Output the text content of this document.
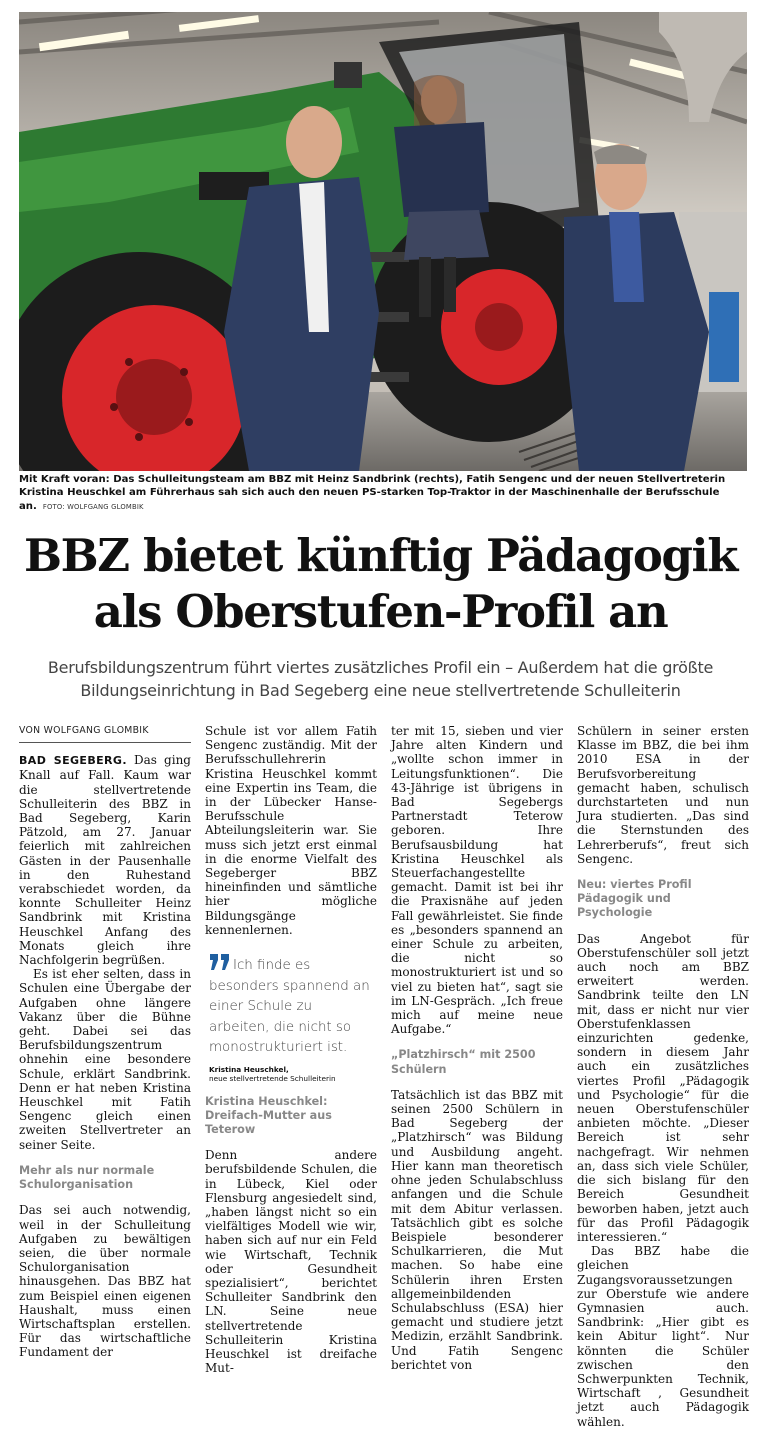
Mit Kraft voran: Das Schulleitungsteam am BBZ mit Heinz Sandbrink (rechts), Fatih Sengenc und der neuen Stellvertreterin Kristina Heuschkel am Führerhaus sah sich auch den neuen PS-starken Top-Traktor in der Maschinenhalle der Berufsschule an. FOTO: WOLFGANG GLOMBIK
BBZ bietet künftig Pädagogik
als Oberstufen-Profil an
Berufsbildungszentrum führt viertes zusätzliches Profil ein – Außerdem hat die größte
Bildungseinrichtung in Bad Segeberg eine neue stellvertretende Schulleiterin
VON WOLFGANG GLOMBIK

BAD SEGEBERG. Das ging Knall auf Fall. Kaum war die stellvertretende Schulleiterin des BBZ in Bad Segeberg, Karin Pätzold, am 27. Januar feierlich mit zahlreichen Gästen in der Pausenhalle in den Ruhestand verabschiedet worden, da konnte Schulleiter Heinz Sandbrink mit Kristina Heuschkel Anfang des Monats gleich ihre Nachfolgerin begrüßen.

Es ist eher selten, dass in Schulen eine Übergabe der Aufgaben ohne längere Vakanz über die Bühne geht. Dabei sei das Berufsbildungszentrum ohnehin eine besondere Schule, erklärt Sandbrink. Denn er hat neben Kristina Heuschkel mit Fatih Sengenc gleich einen zweiten Stellvertreter an seiner Seite.

Mehr als nur normale Schulorganisation

Das sei auch notwendig, weil in der Schulleitung Aufgaben zu bewältigen seien, die über normale Schulorganisation hinausgehen. Das BBZ hat zum Beispiel einen eigenen Haushalt, muss einen Wirtschaftsplan erstellen. Für das wirtschaftliche Fundament der

Schule ist vor allem Fatih Sengenc zuständig. Mit der Berufsschullehrerin Kristina Heuschkel kommt eine Expertin ins Team, die in der Lübecker Hanse-Berufsschule Abteilungsleiterin war. Sie muss sich jetzt erst einmal in die enorme Vielfalt des Segeberger BBZ hineinfinden und sämtliche hier mögliche Bildungsgänge kennenlernen.

Ich finde es besonders spannend an einer Schule zu arbeiten, die nicht so monostrukturiert ist.
Kristina Heuschkel,
neue stellvertretende Schulleiterin
Kristina Heuschkel: Dreifach-Mutter aus Teterow

Denn andere berufsbildende Schulen, die in Lübeck, Kiel oder Flensburg angesiedelt sind, „haben längst nicht so ein vielfältiges Modell wie wir, haben sich auf nur ein Feld wie Wirtschaft, Technik oder Gesundheit spezialisiert“, berichtet Schulleiter Sandbrink den LN. Seine neue stellvertretende Schulleiterin Kristina Heuschkel ist dreifache Mut-

ter mit 15, sieben und vier Jahre alten Kindern und „wollte schon immer in Leitungsfunktionen“. Die 43-Jährige ist übrigens in Bad Segebergs Partnerstadt Teterow geboren. Ihre Berufsausbildung hat Kristina Heuschkel als Steuerfachangestellte gemacht. Damit ist bei ihr die Praxisnähe auf jeden Fall gewährleistet. Sie finde es „besonders spannend an einer Schule zu arbeiten, die nicht so monostrukturiert ist und so viel zu bieten hat“, sagt sie im LN-Gespräch. „Ich freue mich auf meine neue Aufgabe.“

„Platzhirsch“ mit 2500 Schülern

Tatsächlich ist das BBZ mit seinen 2500 Schülern in Bad Segeberg der „Platzhirsch“ was Bildung und Ausbildung angeht. Hier kann man theoretisch ohne jeden Schulabschluss anfangen und die Schule mit dem Abitur verlassen. Tatsächlich gibt es solche Beispiele besonderer Schulkarrieren, die Mut machen. So habe eine Schülerin ihren Ersten allgemeinbildenden Schulabschluss (ESA) hier gemacht und studiere jetzt Medizin, erzählt Sandbrink. Und Fatih Sengenc berichtet von

Schülern in seiner ersten Klasse im BBZ, die bei ihm 2010 ESA in der Berufsvorbereitung gemacht haben, schulisch durchstarteten und nun Jura studierten. „Das sind die Sternstunden des Lehrerberufs“, freut sich Sengenc.

Neu: viertes Profil Pädagogik und Psychologie

Das Angebot für Oberstufenschüler soll jetzt auch noch am BBZ erweitert werden. Sandbrink teilte den LN mit, dass er nicht nur vier Oberstufenklassen einzurichten gedenke, sondern in diesem Jahr auch ein zusätzliches viertes Profil „Pädagogik und Psychologie“ für die neuen Oberstufenschüler anbieten möchte. „Dieser Bereich ist sehr nachgefragt. Wir nehmen an, dass sich viele Schüler, die sich bislang für den Bereich Gesundheit beworben haben, jetzt auch für das Profil Pädagogik interessieren.“

Das BBZ habe die gleichen Zugangsvoraussetzungen zur Oberstufe wie andere Gymnasien auch. Sandbrink: „Hier gibt es kein Abitur light“. Nur könnten die Schüler zwischen den Schwerpunkten Technik, Wirtschaft , Gesundheit jetzt auch Pädagogik wählen.
